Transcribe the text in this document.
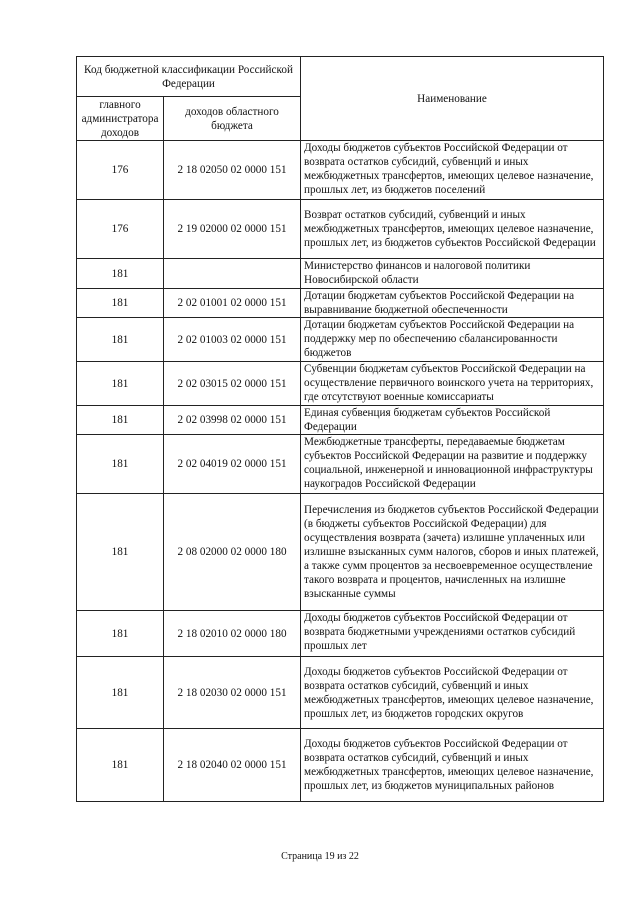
Код бюджетной классификации Российской Федерации		Наименование
главного администратора доходов	доходов областного бюджета	
176	2 18 02050 02 0000 151	Доходы бюджетов субъектов Российской Федерации от возврата остатков субсидий, субвенций и иных межбюджетных трансфертов, имеющих целевое назначение, прошлых лет, из бюджетов поселений
176	2 19 02000 02 0000 151	Возврат остатков субсидий, субвенций и иных межбюджетных трансфертов, имеющих целевое назначение, прошлых лет, из бюджетов субъектов Российской Федерации
181		Министерство финансов и налоговой политики Новосибирской области
181	2 02 01001 02 0000 151	Дотации бюджетам субъектов Российской Федерации на выравнивание бюджетной обеспеченности
181	2 02 01003 02 0000 151	Дотации бюджетам субъектов Российской Федерации на поддержку мер по обеспечению сбалансированности бюджетов
181	2 02 03015 02 0000 151	Субвенции бюджетам субъектов Российской Федерации на осуществление первичного воинского учета на территориях, где отсутствуют военные комиссариаты
181	2 02 03998 02 0000 151	Единая субвенция бюджетам субъектов Российской Федерации
181	2 02 04019 02 0000 151	Межбюджетные трансферты, передаваемые бюджетам субъектов Российской Федерации на развитие и поддержку социальной, инженерной и инновационной инфраструктуры наукоградов Российской Федерации
181	2 08 02000 02 0000 180	Перечисления из бюджетов субъектов Российской Федерации (в бюджеты субъектов Российской Федерации) для осуществления возврата (зачета) излишне уплаченных или излишне взысканных сумм налогов, сборов и иных платежей, а также сумм процентов за несвоевременное осуществление такого возврата и процентов, начисленных на излишне взысканные суммы
181	2 18 02010 02 0000 180	Доходы бюджетов субъектов Российской Федерации от возврата бюджетными учреждениями остатков субсидий прошлых лет
181	2 18 02030 02 0000 151	Доходы бюджетов субъектов Российской Федерации от возврата остатков субсидий, субвенций и иных межбюджетных трансфертов, имеющих целевое назначение, прошлых лет, из бюджетов городских округов
181	2 18 02040 02 0000 151	Доходы бюджетов субъектов Российской Федерации от возврата остатков субсидий, субвенций и иных межбюджетных трансфертов, имеющих целевое назначение, прошлых лет, из бюджетов муниципальных районов
Страница 19 из 22
